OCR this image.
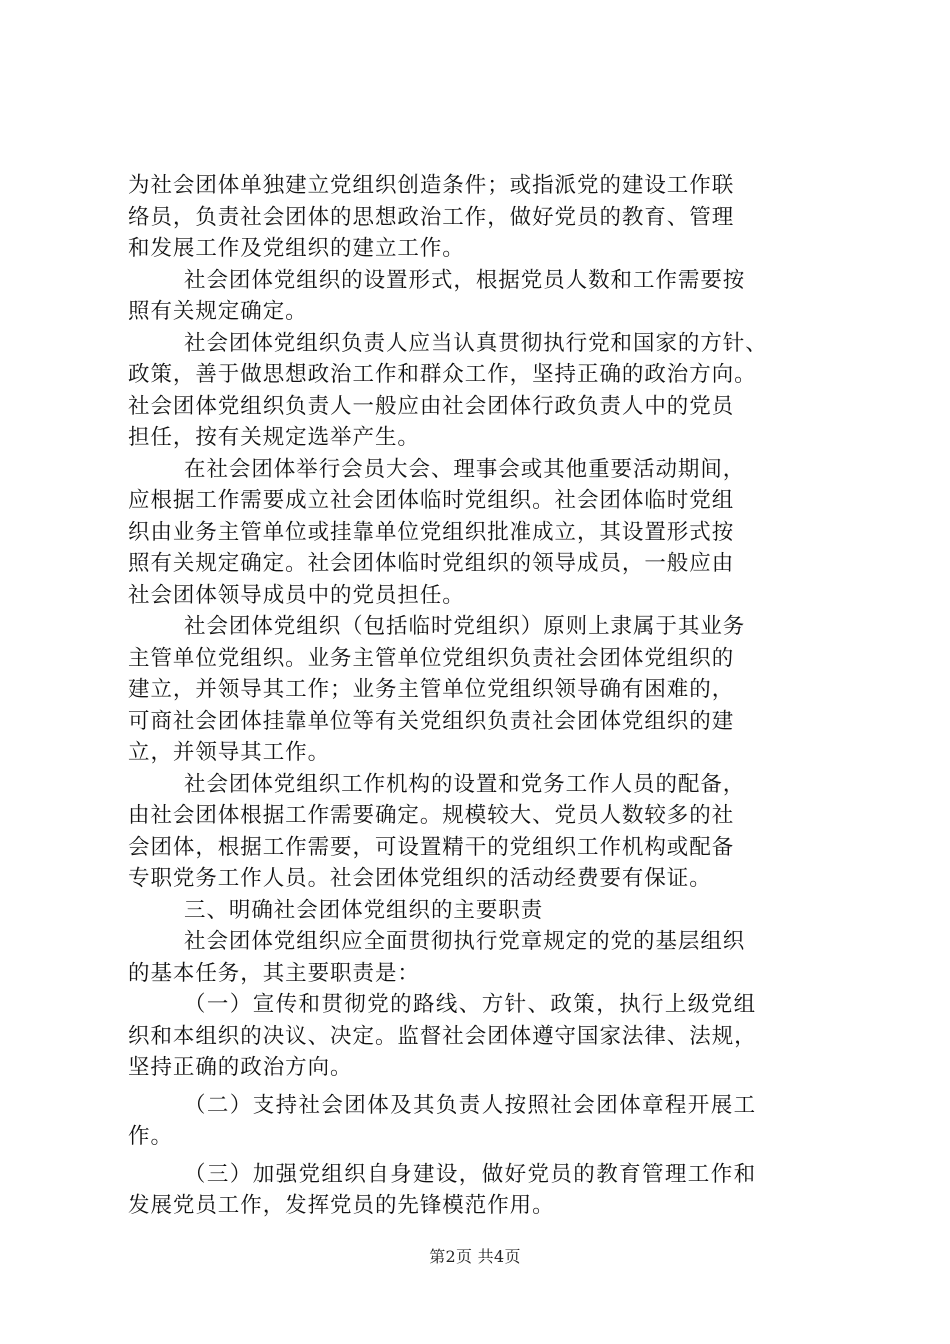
为社会团体单独建立党组织创造条件；或指派党的建设工作联
络员，负责社会团体的思想政治工作，做好党员的教育、管理
和发展工作及党组织的建立工作。
社会团体党组织的设置形式，根据党员人数和工作需要按
照有关规定确定。
社会团体党组织负责人应当认真贯彻执行党和国家的方针、
政策，善于做思想政治工作和群众工作，坚持正确的政治方向。
社会团体党组织负责人一般应由社会团体行政负责人中的党员
担任，按有关规定选举产生。
在社会团体举行会员大会、理事会或其他重要活动期间，
应根据工作需要成立社会团体临时党组织。社会团体临时党组
织由业务主管单位或挂靠单位党组织批准成立，其设置形式按
照有关规定确定。社会团体临时党组织的领导成员，一般应由
社会团体领导成员中的党员担任。
社会团体党组织（包括临时党组织）原则上隶属于其业务
主管单位党组织。业务主管单位党组织负责社会团体党组织的
建立，并领导其工作；业务主管单位党组织领导确有困难的，
可商社会团体挂靠单位等有关党组织负责社会团体党组织的建
立，并领导其工作。
社会团体党组织工作机构的设置和党务工作人员的配备，
由社会团体根据工作需要确定。规模较大、党员人数较多的社
会团体，根据工作需要，可设置精干的党组织工作机构或配备
专职党务工作人员。社会团体党组织的活动经费要有保证。
三、明确社会团体党组织的主要职责
社会团体党组织应全面贯彻执行党章规定的党的基层组织
的基本任务，其主要职责是：
（一）宣传和贯彻党的路线、方针、政策，执行上级党组
织和本组织的决议、决定。监督社会团体遵守国家法律、法规，
坚持正确的政治方向。
（二）支持社会团体及其负责人按照社会团体章程开展工
作。
（三）加强党组织自身建设，做好党员的教育管理工作和
发展党员工作，发挥党员的先锋模范作用。
第2页 共4页
